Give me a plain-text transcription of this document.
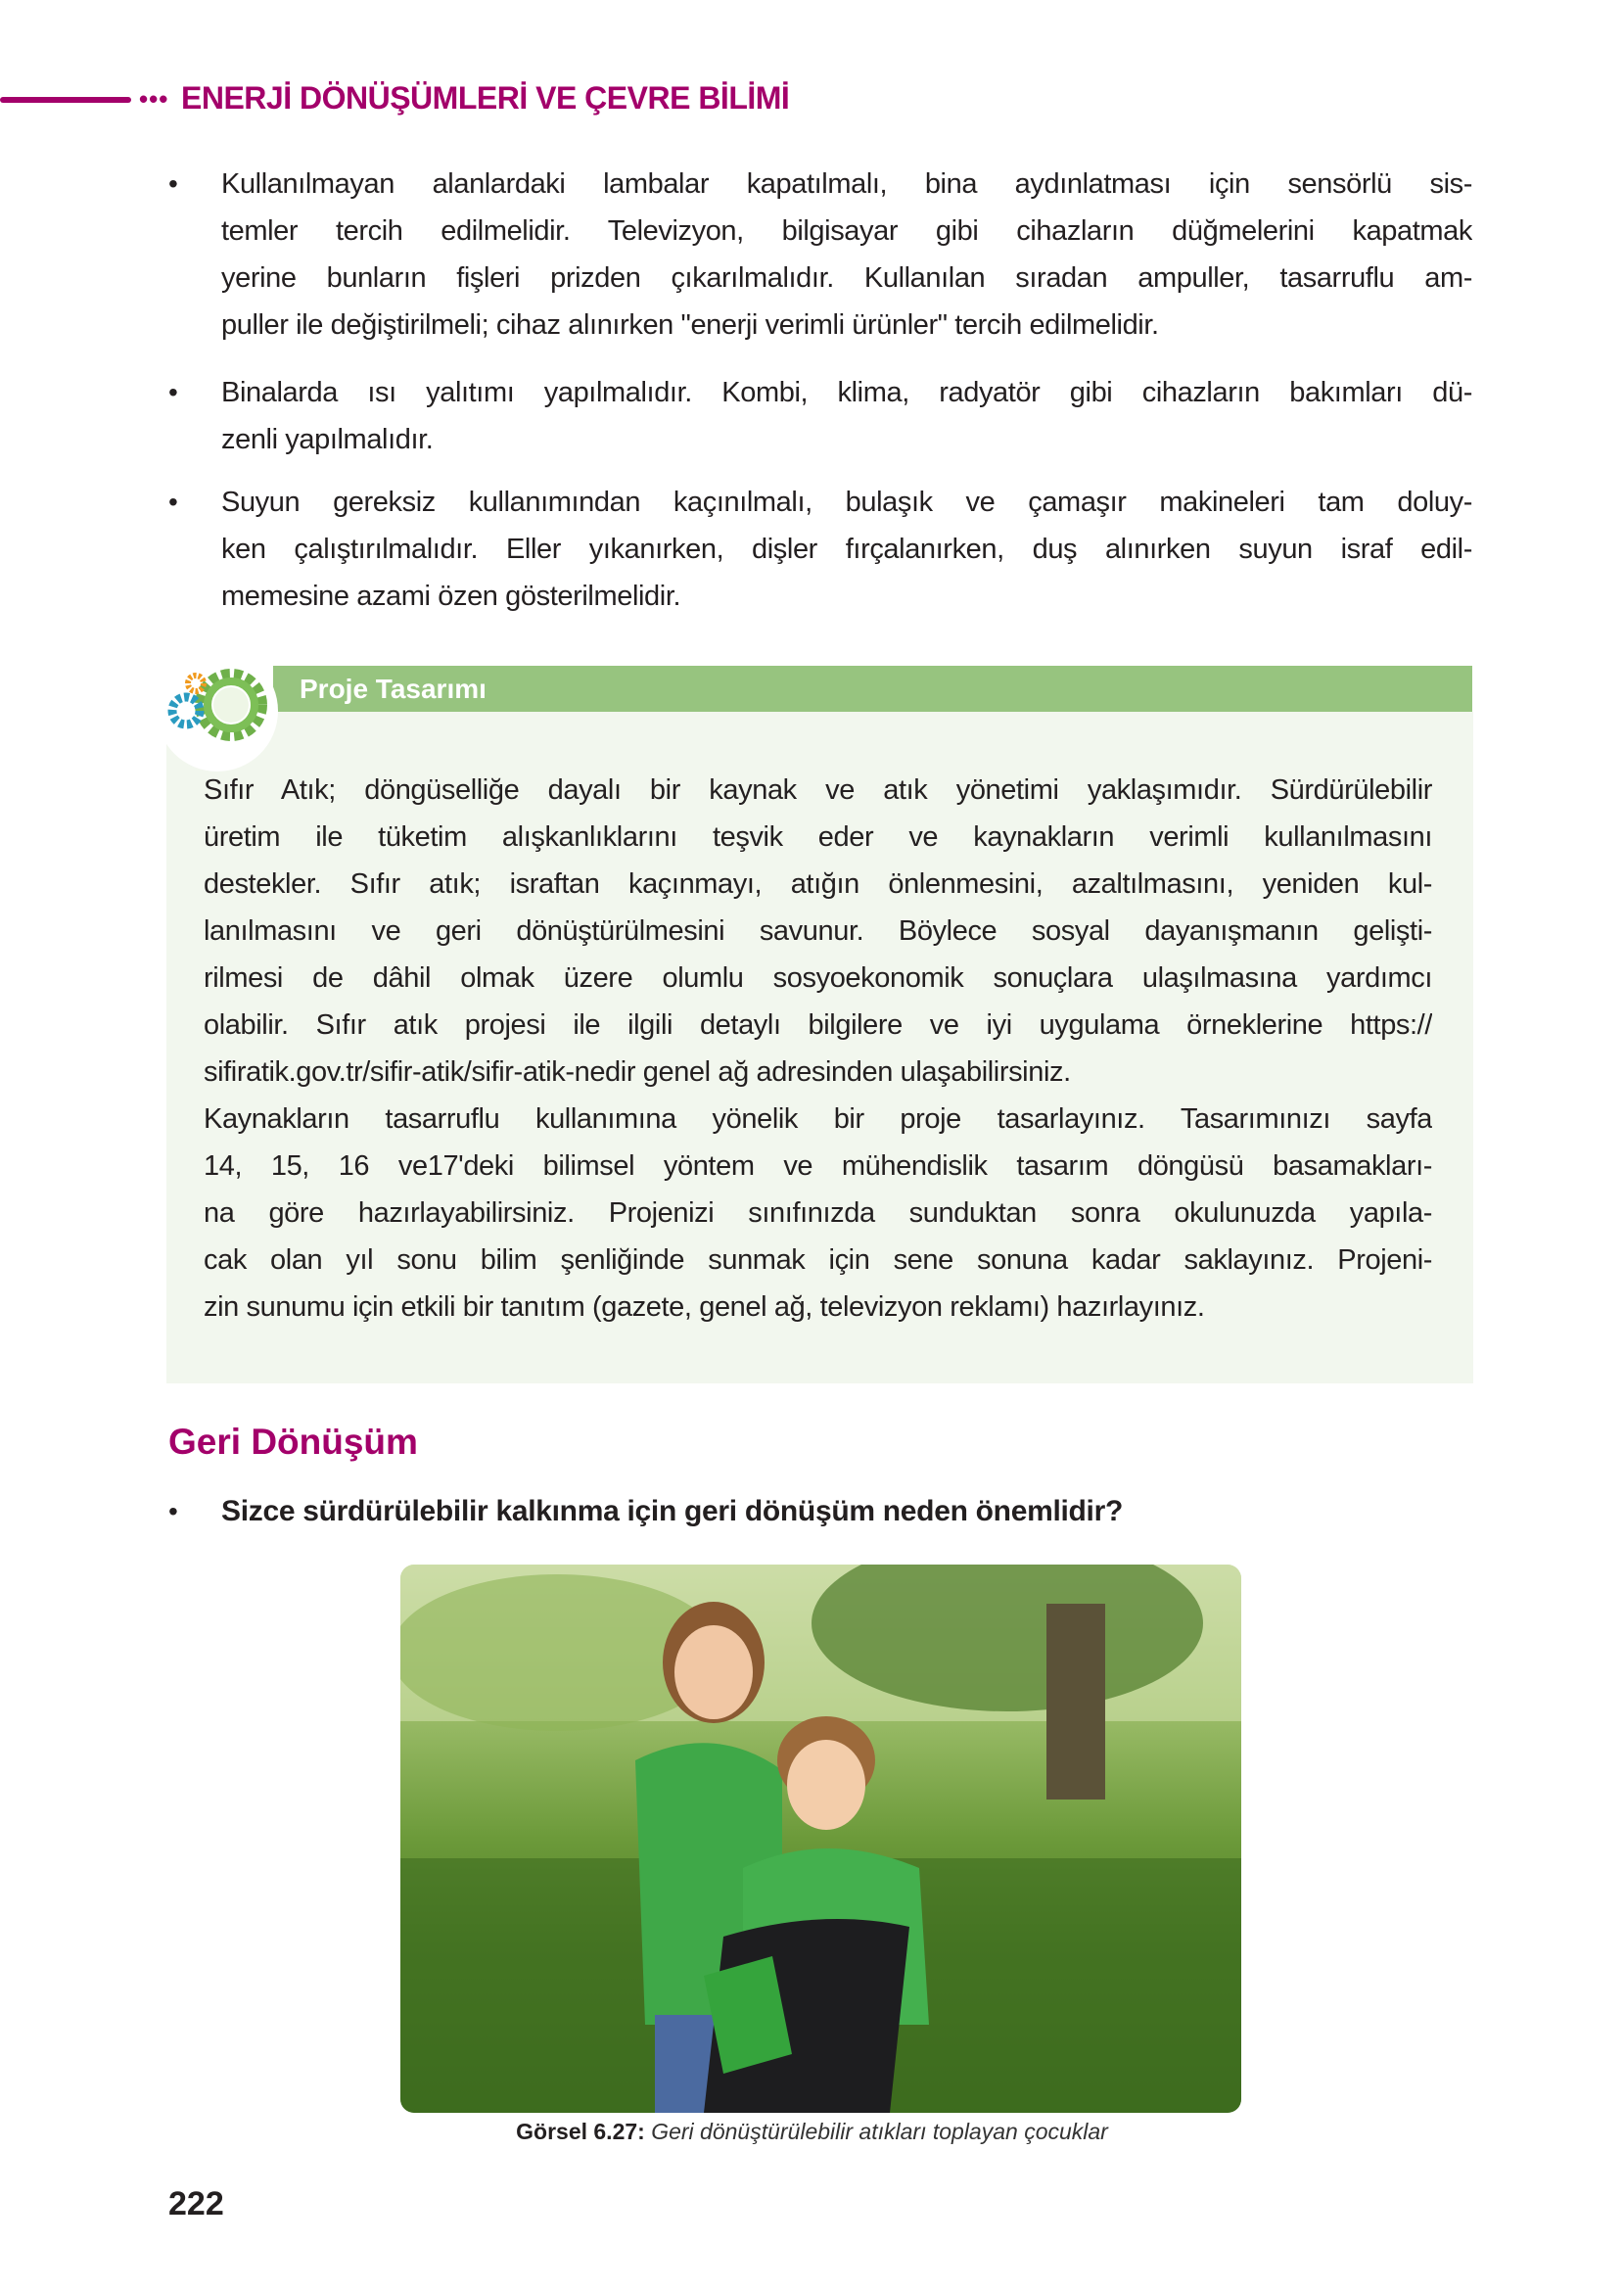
••• ENERJİ DÖNÜŞÜMLERİ VE ÇEVRE BİLİMİ
• Kullanılmayan alanlardaki lambalar kapatılmalı, bina aydınlatması için sensörlü sis-
temler tercih edilmelidir. Televizyon, bilgisayar gibi cihazların düğmelerini kapatmak
yerine bunların fişleri prizden çıkarılmalıdır. Kullanılan sıradan ampuller, tasarruflu am-
puller ile değiştirilmeli; cihaz alınırken "enerji verimli ürünler" tercih edilmelidir.
• Binalarda ısı yalıtımı yapılmalıdır. Kombi, klima, radyatör gibi cihazların bakımları dü-
zenli yapılmalıdır.
• Suyun gereksiz kullanımından kaçınılmalı, bulaşık ve çamaşır makineleri tam doluy-
ken çalıştırılmalıdır. Eller yıkanırken, dişler fırçalanırken, duş alınırken suyun israf edil-
memesine azami özen gösterilmelidir.
Proje Tasarımı
Sıfır Atık; döngüselliğe dayalı bir kaynak ve atık yönetimi yaklaşımıdır. Sürdürülebilir
üretim ile tüketim alışkanlıklarını teşvik eder ve kaynakların verimli kullanılmasını
destekler. Sıfır atık; israftan kaçınmayı, atığın önlenmesini, azaltılmasını, yeniden kul-
lanılmasını ve geri dönüştürülmesini savunur. Böylece sosyal dayanışmanın gelişti-
rilmesi de dâhil olmak üzere olumlu sosyoekonomik sonuçlara ulaşılmasına yardımcı
olabilir. Sıfır atık projesi ile ilgili detaylı bilgilere ve iyi uygulama örneklerine https://
sifiratik.gov.tr/sifir-atik/sifir-atik-nedir genel ağ adresinden ulaşabilirsiniz.
Kaynakların tasarruflu kullanımına yönelik bir proje tasarlayınız. Tasarımınızı sayfa
14, 15, 16 ve17'deki bilimsel yöntem ve mühendislik tasarım döngüsü basamakları-
na göre hazırlayabilirsiniz. Projenizi sınıfınızda sunduktan sonra okulunuzda yapıla-
cak olan yıl sonu bilim şenliğinde sunmak için sene sonuna kadar saklayınız. Projeni-
zin sunumu için etkili bir tanıtım (gazete, genel ağ, televizyon reklamı) hazırlayınız.
Geri Dönüşüm
• Sizce sürdürülebilir kalkınma için geri dönüşüm neden önemlidir?
Görsel 6.27: Geri dönüştürülebilir atıkları toplayan çocuklar
222
